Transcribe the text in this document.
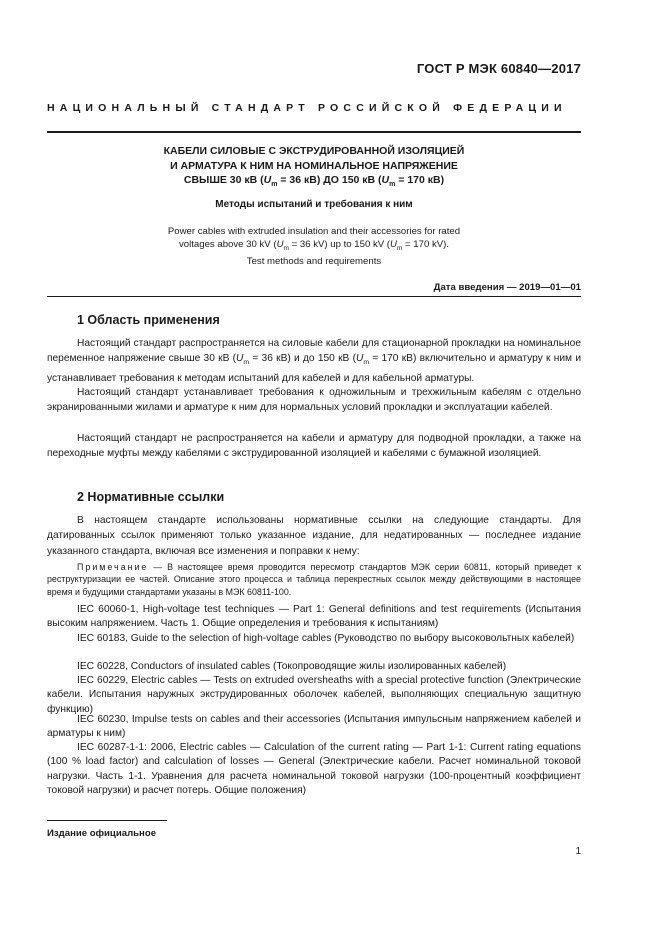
ГОСТ Р МЭК 60840—2017
НАЦИОНАЛЬНЫЙ СТАНДАРТ РОССИЙСКОЙ ФЕДЕРАЦИИ
КАБЕЛИ СИЛОВЫЕ С ЭКСТРУДИРОВАННОЙ ИЗОЛЯЦИЕЙ
И АРМАТУРА К НИМ НА НОМИНАЛЬНОЕ НАПРЯЖЕНИЕ
СВЫШЕ 30 кВ ($U_m = 36$ кВ) ДО 150 кВ ($U_m = 170$ кВ)
Методы испытаний и требования к ним
Power cables with extruded insulation and their accessories for rated
voltages above 30 kV ($U_m = 36$ kV) up to 150 kV ($U_m = 170$ kV).
Test methods and requirements
Дата введения — 2019—01—01
1 Область применения

Настоящий стандарт распространяется на силовые кабели для стационарной прокладки на номинальное переменное напряжение свыше 30 кВ ($U_m = 36$ кВ) и до 150 кВ ($U_m = 170$ кВ) включительно и арматуру к ним и устанавливает требования к методам испытаний для кабелей и для кабельной арматуры.

Настоящий стандарт устанавливает требования к одножильным и трехжильным кабелям с отдельно экранированными жилами и арматуре к ним для нормальных условий прокладки и эксплуатации кабелей.

Настоящий стандарт не распространяется на кабели и арматуру для подводной прокладки, а также на переходные муфты между кабелями с экструдированной изоляцией и кабелями с бумажной изоляцией.

2 Нормативные ссылки

В настоящем стандарте использованы нормативные ссылки на следующие стандарты. Для датированных ссылок применяют только указанное издание, для недатированных — последнее издание указанного стандарта, включая все изменения и поправки к нему:

Примечание — В настоящее время проводится пересмотр стандартов МЭК серии 60811, который приведет к реструктуризации ее частей. Описание этого процесса и таблица перекрестных ссылок между действующими в настоящее время и будущими стандартами указаны в МЭК 60811-100.

IEC 60060-1, High-voltage test techniques — Part 1: General definitions and test requirements (Испытания высоким напряжением. Часть 1. Общие определения и требования к испытаниям)

IEC 60183, Guide to the selection of high-voltage cables (Руководство по выбору высоковольтных кабелей)

IEC 60228, Conductors of insulated cables (Токопроводящие жилы изолированных кабелей)

IEC 60229, Electric cables — Tests on extruded oversheaths with a special protective function (Электрические кабели. Испытания наружных экструдированных оболочек кабелей, выполняющих специальную защитную функцию)

IEC 60230, Impulse tests on cables and their accessories (Испытания импульсным напряжением кабелей и арматуры к ним)

IEC 60287-1-1: 2006, Electric cables — Calculation of the current rating — Part 1-1: Current rating equations (100 % load factor) and calculation of losses — General (Электрические кабели. Расчет номинальной токовой нагрузки. Часть 1-1. Уравнения для расчета номинальной токовой нагрузки (100-процентный коэффициент токовой нагрузки) и расчет потерь. Общие положения)

Издание официальное
1
